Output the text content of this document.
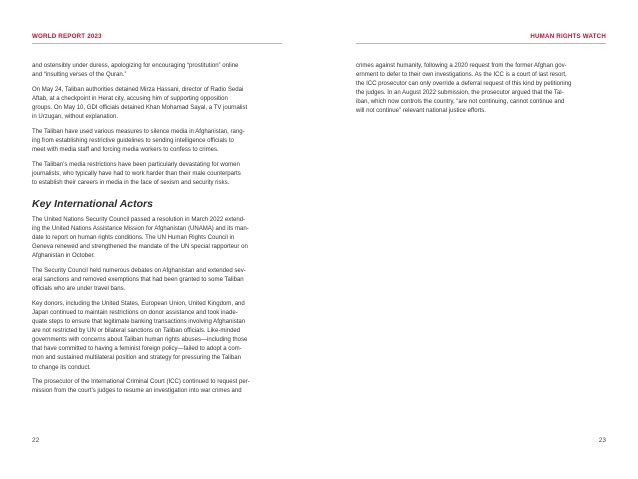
WORLD REPORT 2023

and ostensibly under duress, apologizing for encouraging “prostitution” online
and “insulting verses of the Quran.”

On May 24, Taliban authorities detained Mirza Hassani, director of Radio Sedai
Aftab, at a checkpoint in Herat city, accusing him of supporting opposition
groups. On May 10, GDI officials detained Khan Mohamad Sayal, a TV journalist
in Urzugan, without explanation.

The Taliban have used various measures to silence media in Afghanistan, rang-
ing from establishing restrictive guidelines to sending intelligence officials to
meet with media staff and forcing media workers to confess to crimes.

The Taliban’s media restrictions have been particularly devastating for women
journalists, who typically have had to work harder than their male counterparts
to establish their careers in media in the face of sexism and security risks.

Key International Actors

The United Nations Security Council passed a resolution in March 2022 extend-
ing the United Nations Assistance Mission for Afghanistan (UNAMA) and its man-
date to report on human rights conditions. The UN Human Rights Council in
Geneva renewed and strengthened the mandate of the UN special rapporteur on
Afghanistan in October.

The Security Council held numerous debates on Afghanistan and extended sev-
eral sanctions and removed exemptions that had been granted to some Taliban
officials who are under travel bans.

Key donors, including the United States, European Union, United Kingdom, and
Japan continued to maintain restrictions on donor assistance and took inade-
quate steps to ensure that legitimate banking transactions involving Afghanistan
are not restricted by UN or bilateral sanctions on Taliban officials. Like-minded
governments with concerns about Taliban human rights abuses—including those
that have committed to having a feminist foreign policy—failed to adopt a com-
mon and sustained multilateral position and strategy for pressuring the Taliban
to change its conduct.

The prosecutor of the International Criminal Court (ICC) continued to request per-
mission from the court’s judges to resume an investigation into war crimes and

22
HUMAN RIGHTS WATCH

crimes against humanity, following a 2020 request from the former Afghan gov-
ernment to defer to their own investigations. As the ICC is a court of last resort,
the ICC prosecutor can only override a deferral request of this kind by petitioning
the judges. In an August 2022 submission, the prosecutor argued that the Tal-
iban, which now controls the country, “are not continuing, cannot continue and
will not continue” relevant national justice efforts.

23
